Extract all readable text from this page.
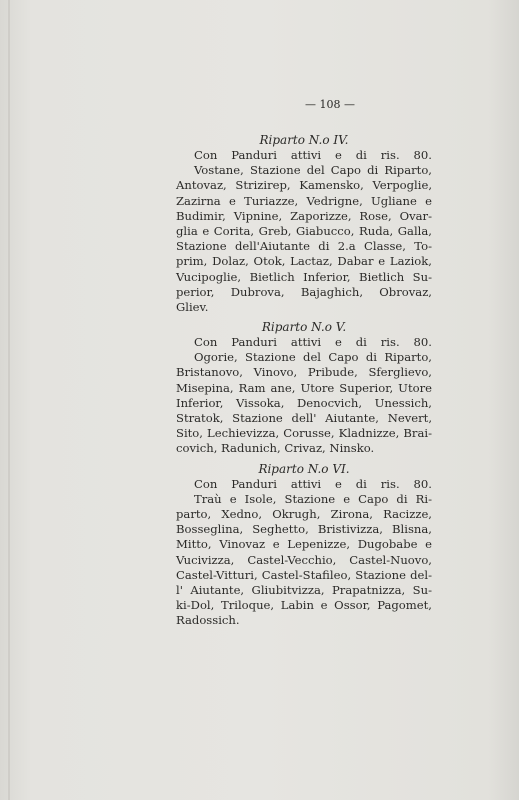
— 108 —
Riparto N.o IV.
Con Panduri attivi e di ris. 80.
Vostane, Stazione del Capo di Riparto,
Antovaz, Strizirep, Kamensko, Verpoglie,
Zazirna e Turiazze, Vedrigne, Ugliane e
Budimir, Vipnine, Zaporizze, Rose, Ovar-
glia e Corita, Greb, Giabucco, Ruda, Galla,
Stazione dell'Aiutante di 2.a Classe, To-
prim, Dolaz, Otok, Lactaz, Dabar e Laziok,
Vucipoglie, Bietlich Inferior, Bietlich Su-
perior, Dubrova, Bajaghich, Obrovaz,
Gliev.
Riparto N.o V.
Con Panduri attivi e di ris. 80.
Ogorie, Stazione del Capo di Riparto,
Bristanovo, Vinovo, Pribude, Sferglievo,
Misepina, Ram ane, Utore Superior, Utore
Inferior, Vissoka, Denocvich, Unessich,
Stratok, Stazione dell' Aiutante, Nevert,
Sito, Lechievizza, Corusse, Kladnizze, Brai-
covich, Radunich, Crivaz, Ninsko.
Riparto N.o VI.
Con Panduri attivi e di ris. 80.
Traù e Isole, Stazione e Capo di Ri-
parto, Xedno, Okrugh, Zirona, Racizze,
Bosseglina, Seghetto, Bristivizza, Blisna,
Mitto, Vinovaz e Lepenizze, Dugobabe e
Vucivizza, Castel-Vecchio, Castel-Nuovo,
Castel-Vitturi, Castel-Stafileo, Stazione del-
l' Aiutante, Gliubitvizza, Prapatnizza, Su-
ki-Dol, Triloque, Labin e Ossor, Pagomet,
Radossich.
